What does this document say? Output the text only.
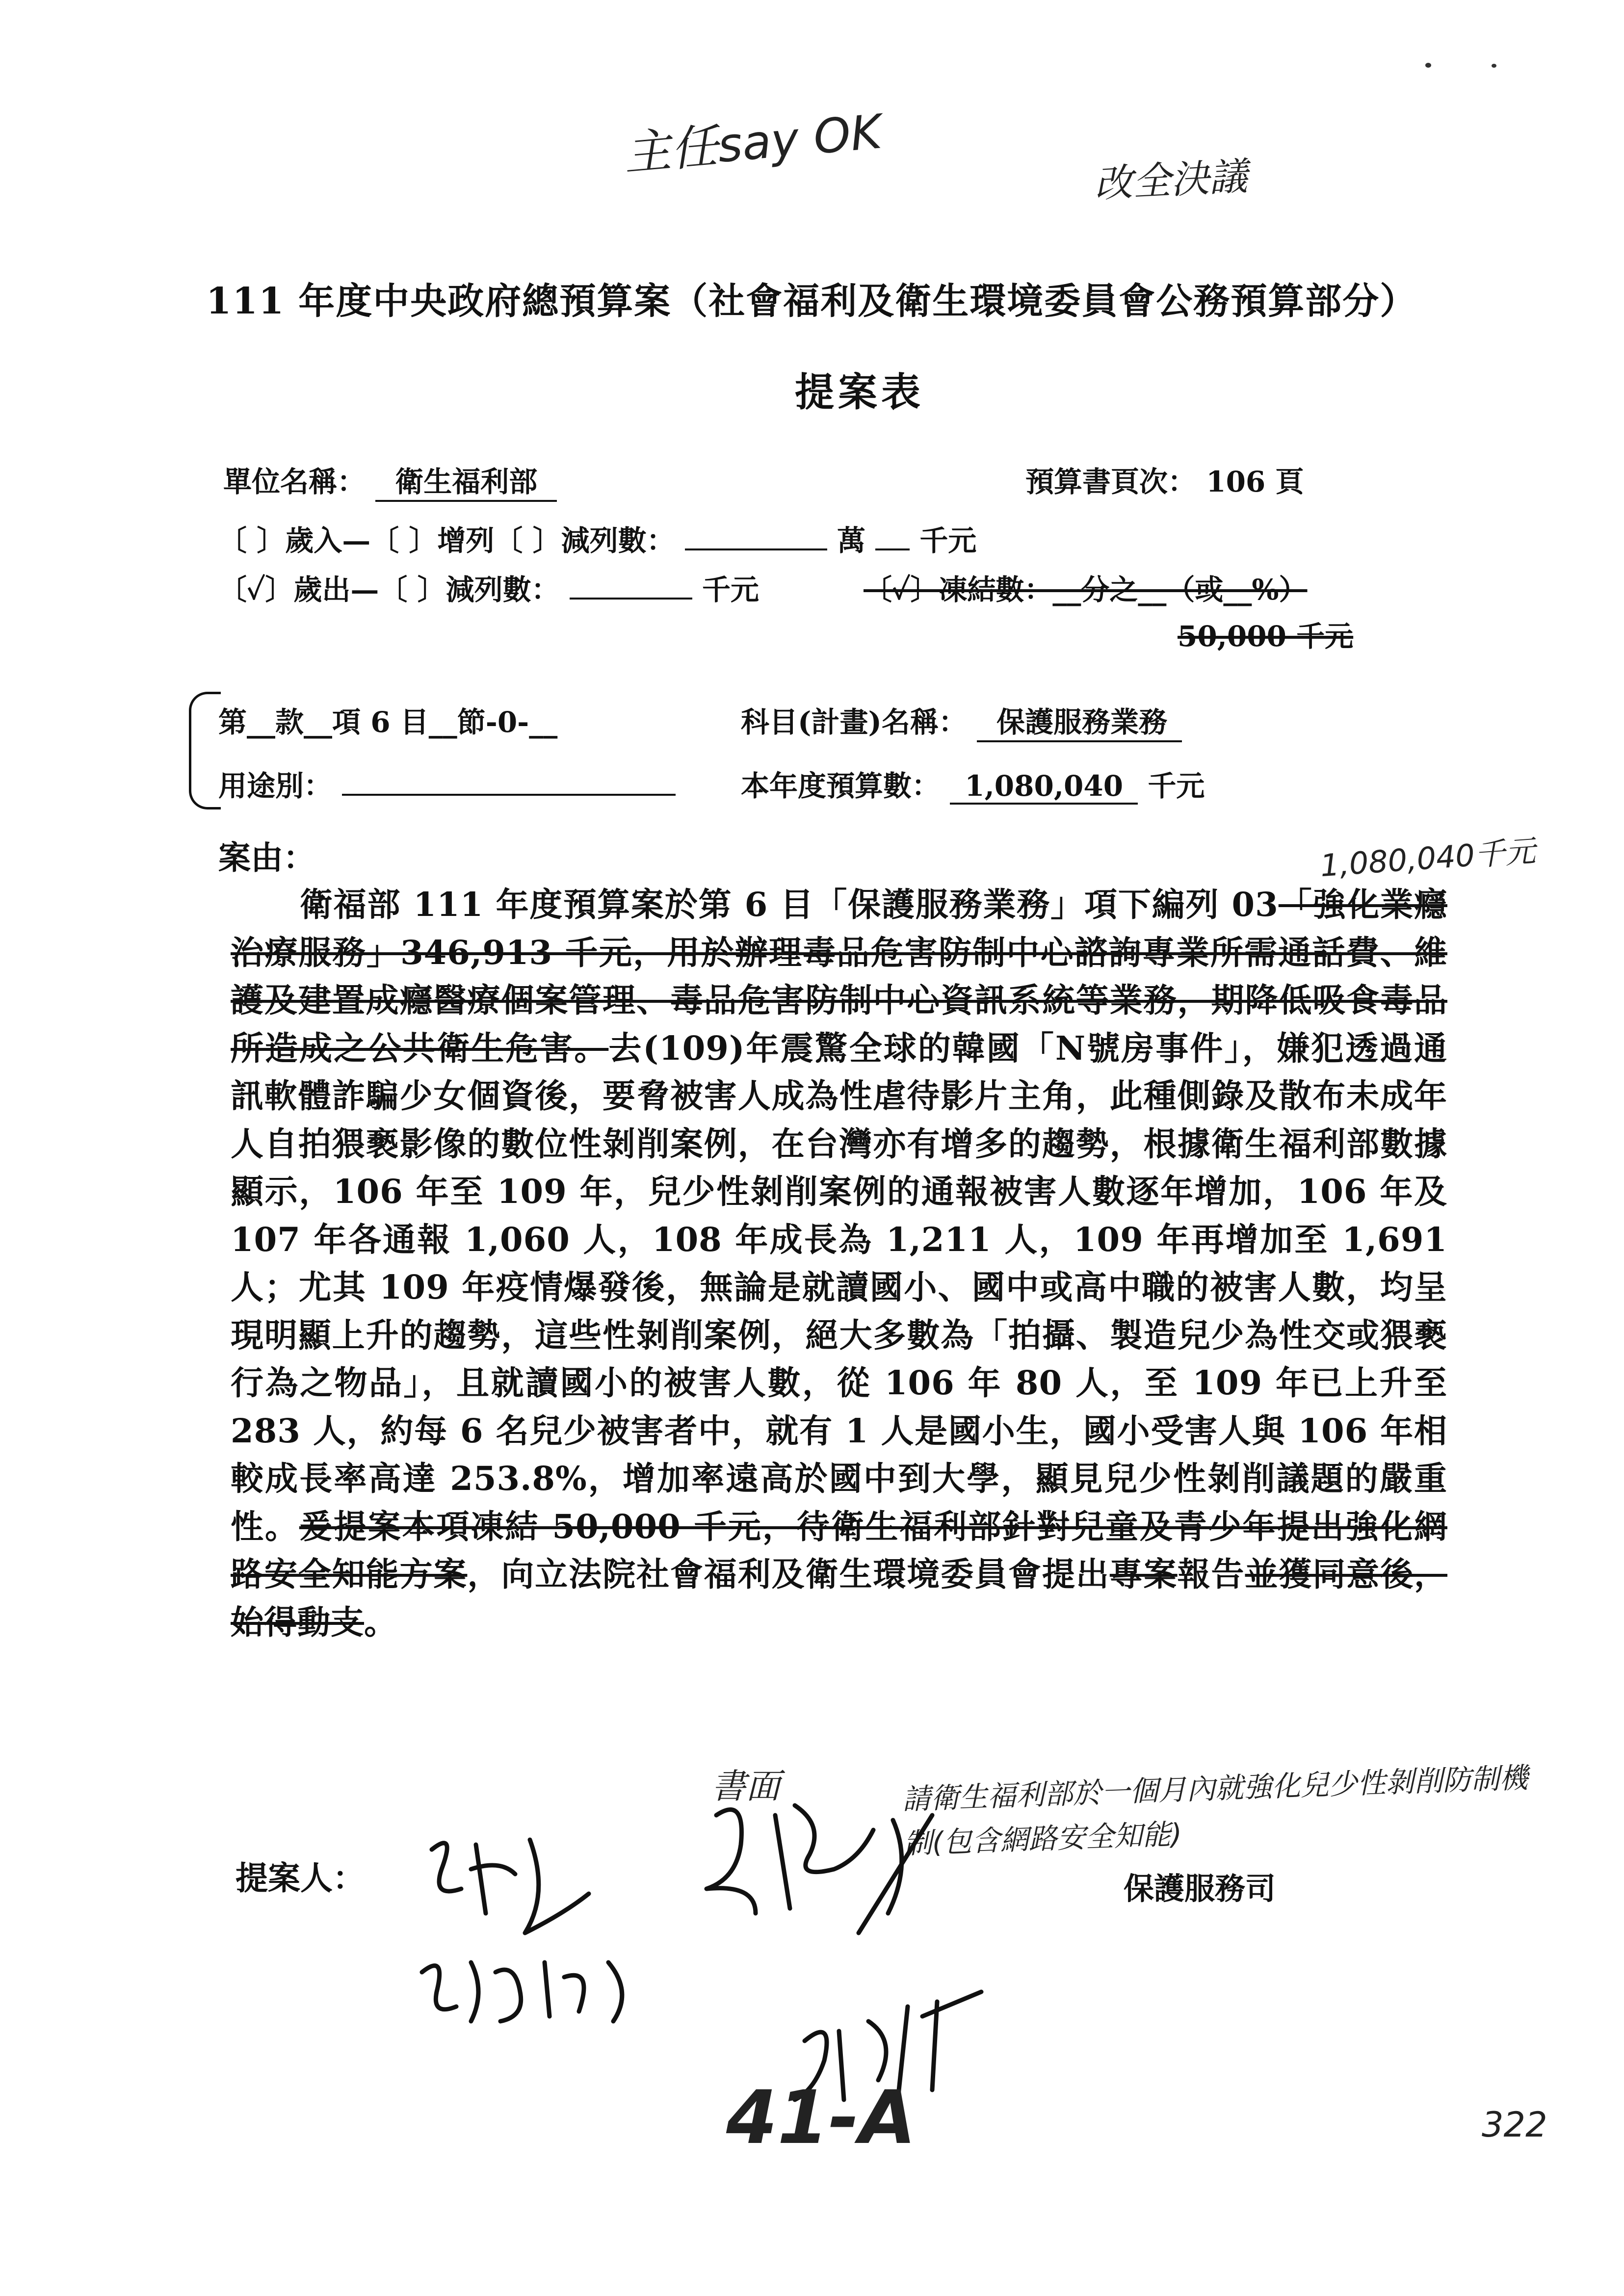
主任say OK	改全決議
111 年度中央政府總預算案（社會福利及衛生環境委員會公務預算部分）
提案表
單位名稱： 衛生福利部	預算書頁次： 106 頁
〔 〕歲入—〔 〕增列〔 〕減列數：	萬 千元
〔✓〕歲出—〔 〕減列數：	千元	〔✓〕凍結數：__分之__（或__%）
50,000 千元
第__款__項 6 目__節-0-__
用途別：
科目(計畫)名稱： 保護服務業務
本年度預算數： 1,080,040 千元
案由：	1,080,040千元
衛福部 111 年度預算案於第 6 目「保護服務業務」項下編列 03「強化業癮治療服務」346,913 千元，用於辦理毒品危害防制中心諮詢專業所需通話費、維護及建置成癮醫療個案管理、毒品危害防制中心資訊系統等業務，期降低吸食毒品所造成之公共衛生危害。去(109)年震驚全球的韓國「N號房事件」，嫌犯透過通訊軟體詐騙少女個資後，要脅被害人成為性虐待影片主角，此種側錄及散布未成年人自拍猥褻影像的數位性剝削案例，在台灣亦有增多的趨勢，根據衛生福利部數據顯示，106 年至 109 年，兒少性剝削案例的通報被害人數逐年增加，106 年及 107 年各通報 1,060 人，108 年成長為 1,211 人，109 年再增加至 1,691 人；尤其 109 年疫情爆發後，無論是就讀國小、國中或高中職的被害人數，均呈現明顯上升的趨勢，這些性剝削案例，絕大多數為「拍攝、製造兒少為性交或猥褻行為之物品」，且就讀國小的被害人數，從 106 年 80 人，至 109 年已上升至 283 人，約每 6 名兒少被害者中，就有 1 人是國小生，國小受害人與 106 年相較成長率高達 253.8%，增加率遠高於國中到大學，顯見兒少性剝削議題的嚴重性。爰提案本項凍結 50,000 千元，待衛生福利部針對兒童及青少年提出強化網路安全知能方案，向立法院社會福利及衛生環境委員會提出專案報告並獲同意後，始得動支。
書面	請衛生福利部於一個月內就強化兒少性剝削防制機制(包含網路安全知能)
保護服務司
提案人：
41-A	322
